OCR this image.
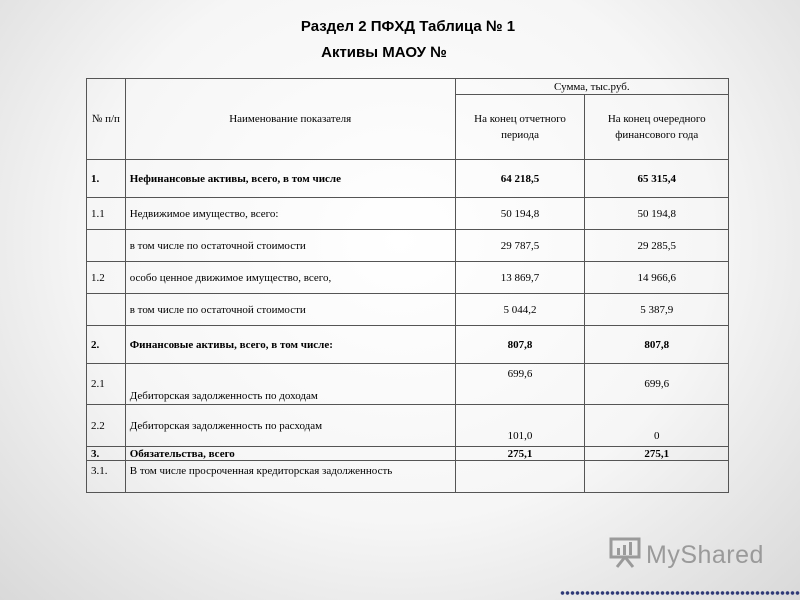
Раздел 2 ПФХД Таблица № 1
Активы МАОУ №
№ п/п	Наименование показателя	Сумма, тыс.руб.	
		На конец отчетного периода	На конец очередного финансового года
1.	Нефинансовые активы, всего, в том числе	64 218,5	65 315,4
1.1	Недвижимое имущество, всего:	50 194,8	50 194,8
	в том числе по остаточной стоимости	29 787,5	29 285,5
1.2	особо ценное движимое имущество, всего,	13 869,7	14 966,6
	в том числе по остаточной стоимости	5 044,2	5 387,9
2.	Финансовые активы, всего, в том числе:	807,8	807,8
2.1	Дебиторская задолженность по доходам	699,6	699,6
2.2	Дебиторская задолженность по расходам	101,0	0
3.	Обязательства, всего	275,1	275,1
3.1.	В том числе просроченная кредиторская задолженность		
MyShared
